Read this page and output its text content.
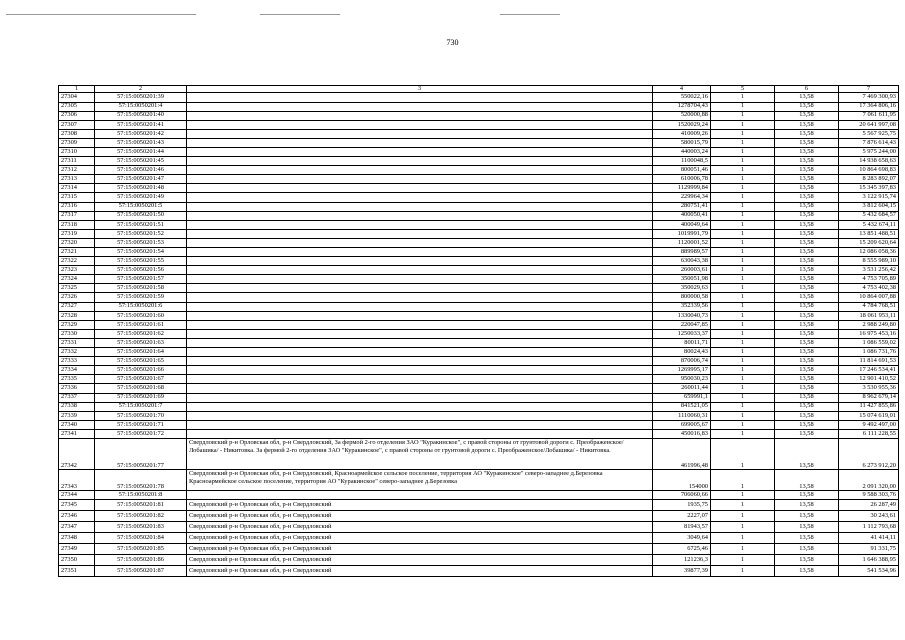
730
1	2	3	4	5	6	7
27304	57:15:0050201:39		550022,16	1	13,58	7 469 300,93
27305	57:15:0050201:4		1278704,43	1	13,58	17 364 806,16
27306	57:15:0050201:40		520000,88	1	13,58	7 061 611,95
27307	57:15:0050201:41		1520029,24	1	13,58	20 641 997,08
27308	57:15:0050201:42		410009,26	1	13,58	5 567 925,75
27309	57:15:0050201:43		580015,79	1	13,58	7 876 614,43
27310	57:15:0050201:44		440003,24	1	13,58	5 975 244,00
27311	57:15:0050201:45		1100048,5	1	13,58	14 938 658,63
27312	57:15:0050201:46		800051,46	1	13,58	10 864 698,83
27313	57:15:0050201:47		610006,78	1	13,58	8 283 892,07
27314	57:15:0050201:48		1129999,84	1	13,58	15 345 397,83
27315	57:15:0050201:49		229964,34	1	13,58	3 122 915,74
27316	57:15:0050201:5		280751,41	1	13,58	3 812 604,15
27317	57:15:0050201:50		400050,41	1	13,58	5 432 684,57
27318	57:15:0050201:51		400049,64	1	13,58	5 432 674,11
27319	57:15:0050201:52		1019991,79	1	13,58	13 851 488,51
27320	57:15:0050201:53		1120001,52	1	13,58	15 209 620,64
27321	57:15:0050201:54		889989,57	1	13,58	12 086 058,36
27322	57:15:0050201:55		630043,38	1	13,58	8 555 989,10
27323	57:15:0050201:56		260003,61	1	13,58	3 531 256,42
27324	57:15:0050201:57		350051,98	1	13,58	4 753 705,89
27325	57:15:0050201:58		350029,63	1	13,58	4 753 402,38
27326	57:15:0050201:59		800000,58	1	13,58	10 864 007,88
27327	57:15:0050201:6		352339,56	1	13,58	4 784 768,51
27328	57:15:0050201:60		1330040,73	1	13,58	18 061 953,11
27329	57:15:0050201:61		220047,85	1	13,58	2 988 249,80
27330	57:15:0050201:62		1250033,37	1	13,58	16 975 453,16
27331	57:15:0050201:63		80011,71	1	13,58	1 086 559,02
27332	57:15:0050201:64		80024,43	1	13,58	1 086 731,76
27333	57:15:0050201:65		870006,74	1	13,58	11 814 691,53
27334	57:15:0050201:66		1269995,17	1	13,58	17 246 534,41
27335	57:15:0050201:67		950030,23	1	13,58	12 901 410,52
27336	57:15:0050201:68		260011,44	1	13,58	3 530 955,36
27337	57:15:0050201:69		659991,1	1	13,58	8 962 679,14
27338	57:15:0050201:7		841521,05	1	13,58	11 427 855,86
27339	57:15:0050201:70		1110060,31	1	13,58	15 074 619,01
27340	57:15:0050201:71		699005,67	1	13,58	9 492 497,00
27341	57:15:0050201:72		450016,83	1	13,58	6 111 228,55
27342	57:15:0050201:77	Свердловский р-н Орловская обл, р-н Свердловский, За фермой 2-го отделения ЗАО "Куракинское", с правой стороны от грунтовой дороги с. Преображенское/Лобашика/ - Никитовка. За фермой 2-го отделения ЗАО "Куракинское", с правой стороны от грунтовой дороги с. Преображенское/Лобашика/ - Никитовка.	461996,48	1	13,58	6 273 912,20
27343	57:15:0050201:78	Свердловский р-н Орловская обл, р-н Свердловский, Красноармейское сельское поселение, территория АО "Куракинское" северо-западнее д.Березовка Красноармейское сельское поселение, территория АО "Куракинское" северо-западнее д.Березовка	154000	1	13,58	2 091 320,00
27344	57:15:0050201:8		706060,66	1	13,58	9 588 303,76
27345	57:15:0050201:81	Свердловский р-н Орловская обл, р-н Свердловский	1935,75	1	13,58	26 287,49
27346	57:15:0050201:82	Свердловский р-н Орловская обл, р-н Свердловский	2227,07	1	13,58	30 243,61
27347	57:15:0050201:83	Свердловский р-н Орловская обл, р-н Свердловский	81943,57	1	13,58	1 112 793,68
27348	57:15:0050201:84	Свердловский р-н Орловская обл, р-н Свердловский	3049,64	1	13,58	41 414,11
27349	57:15:0050201:85	Свердловский р-н Орловская обл, р-н Свердловский	6725,46	1	13,58	91 331,75
27350	57:15:0050201:86	Свердловский р-н Орловская обл, р-н Свердловский	121236,3	1	13,58	1 646 388,95
27351	57:15:0050201:87	Свердловский р-н Орловская обл, р-н Свердловский	39877,39	1	13,58	541 534,96
